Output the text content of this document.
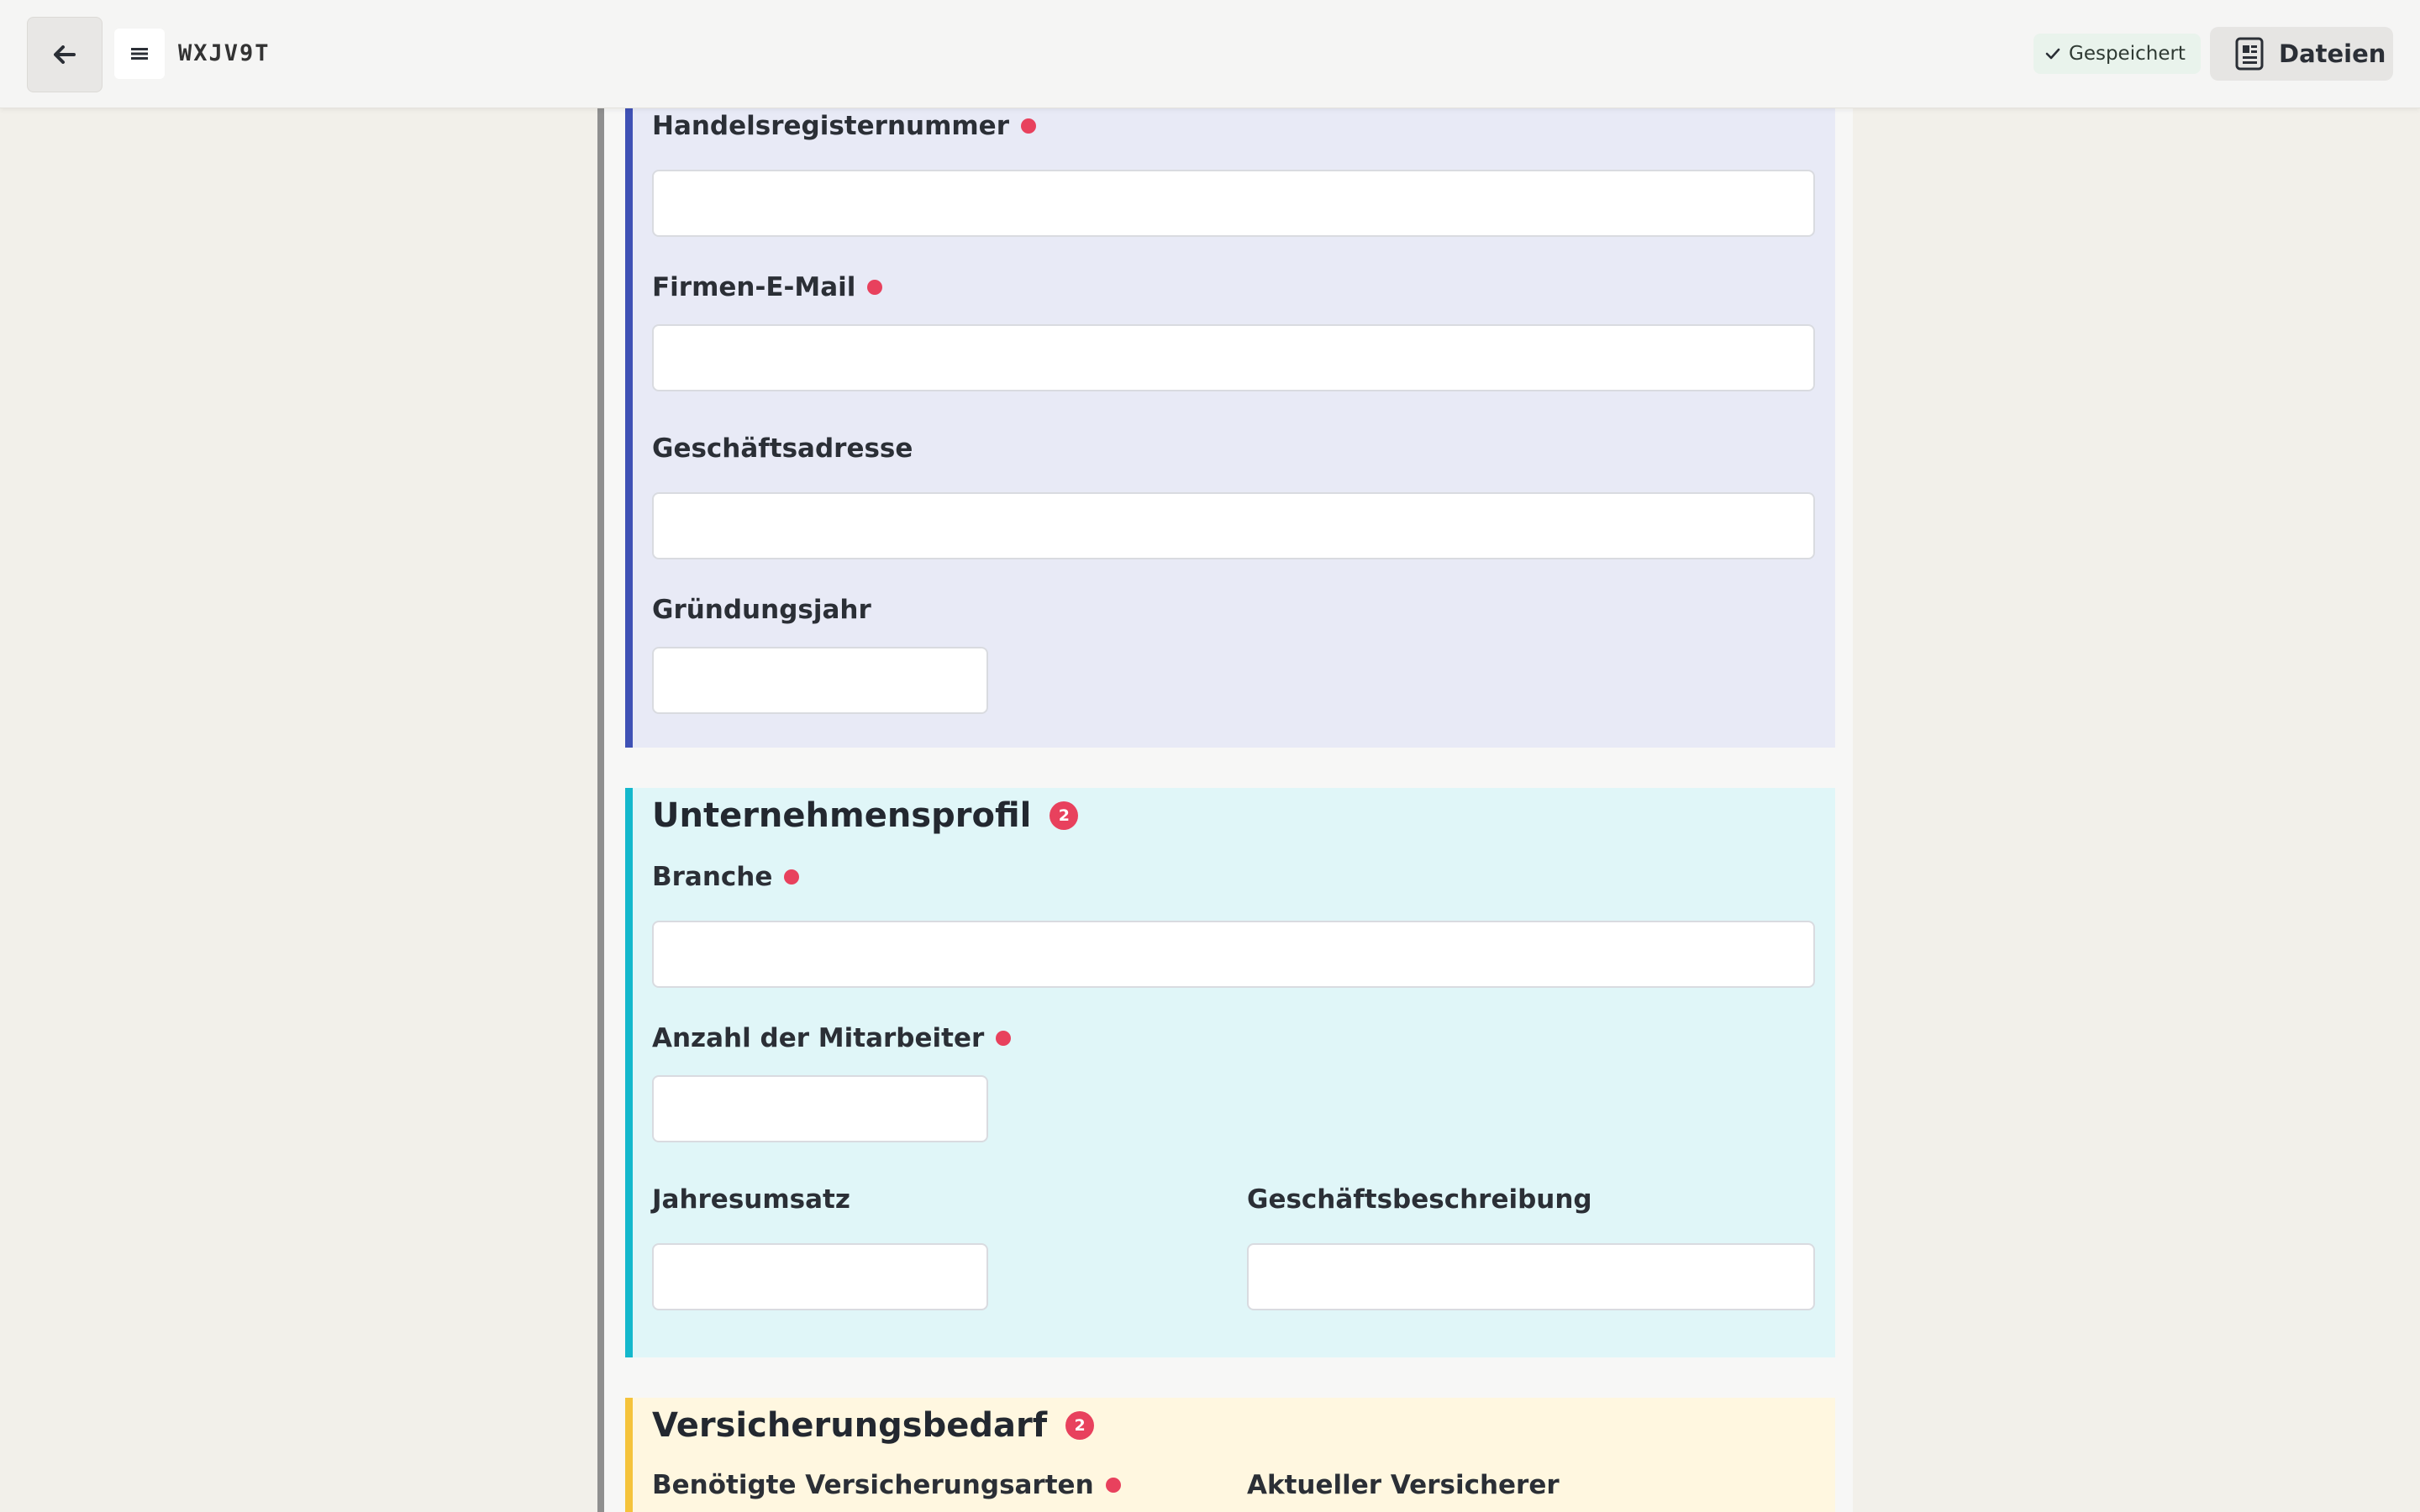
WXJV9T	Gespeichert	Dateien
Handelsregisternummer
Firmen-E-Mail
Geschäftsadresse
Gründungsjahr
Unternehmensprofil	2
Branche
Anzahl der Mitarbeiter
Jahresumsatz	Geschäftsbeschreibung
Versicherungsbedarf	2
Benötigte Versicherungsarten	Aktueller Versicherer
